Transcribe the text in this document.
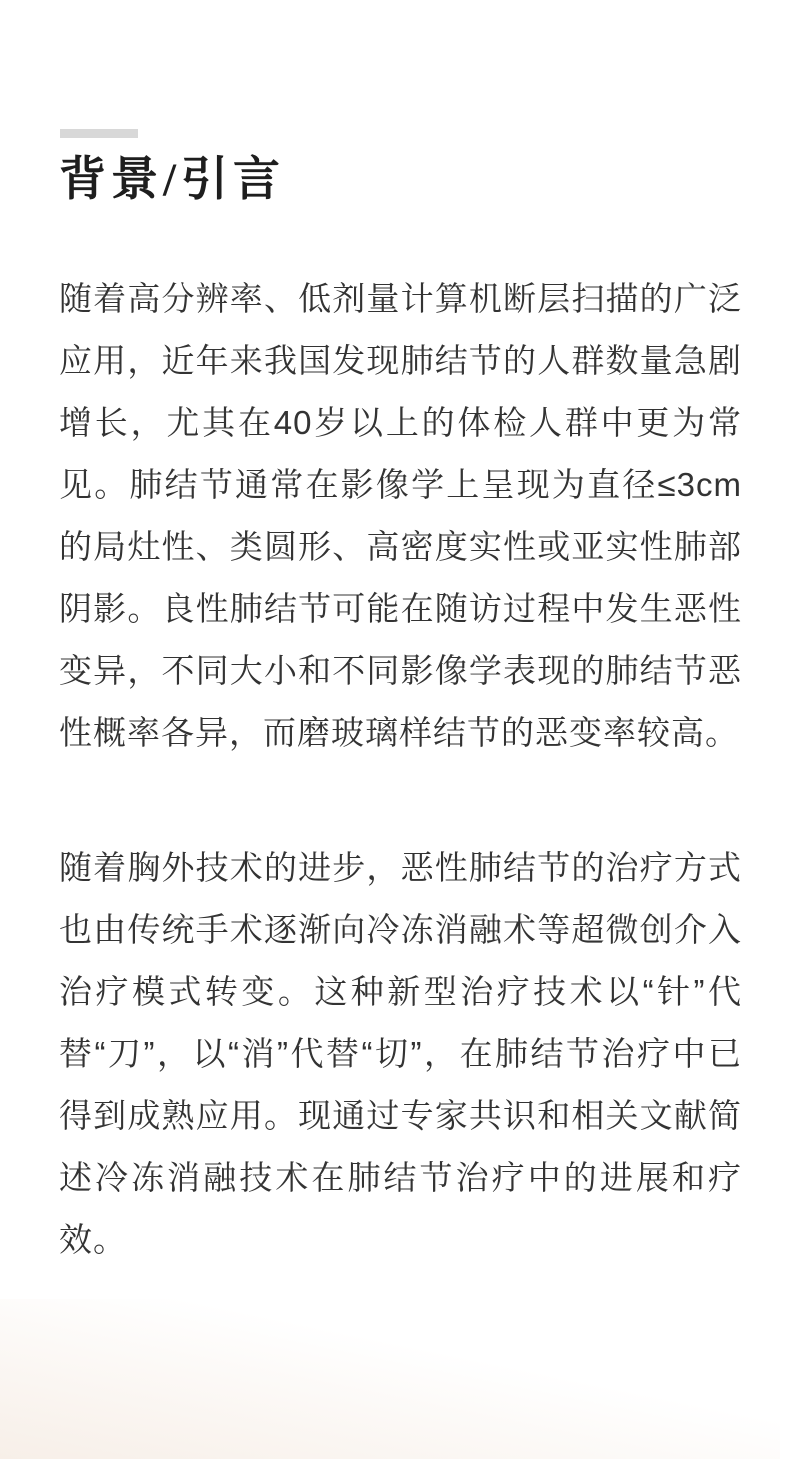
背景/引言

随着高分辨率、低剂量计算机断层扫描的广泛应用，近年来我国发现肺结节的人群数量急剧增长，尤其在40岁以上的体检人群中更为常见。肺结节通常在影像学上呈现为直径≤3cm的局灶性、类圆形、高密度实性或亚实性肺部阴影。良性肺结节可能在随访过程中发生恶性变异，不同大小和不同影像学表现的肺结节恶性概率各异，而磨玻璃样结节的恶变率较高。

随着胸外技术的进步，恶性肺结节的治疗方式也由传统手术逐渐向冷冻消融术等超微创介入治疗模式转变。这种新型治疗技术以“针”代替“刀”，以“消”代替“切”，在肺结节治疗中已得到成熟应用。现通过专家共识和相关文献简述冷冻消融技术在肺结节治疗中的进展和疗效。
